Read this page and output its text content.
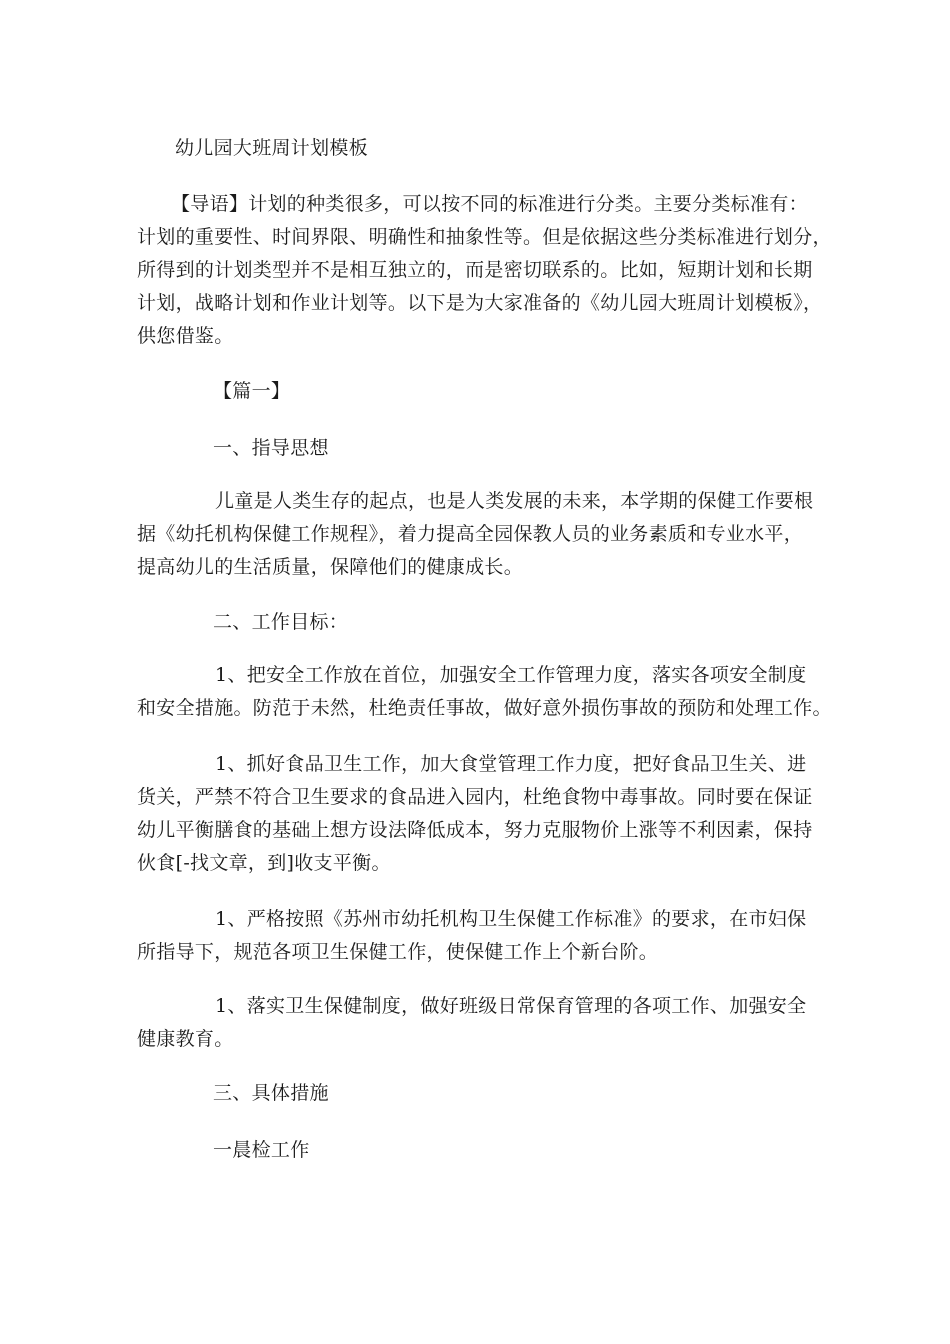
幼儿园大班周计划模板
【导语】计划的种类很多，可以按不同的标准进行分类。主要分类标准有：
计划的重要性、时间界限、明确性和抽象性等。但是依据这些分类标准进行划分，
所得到的计划类型并不是相互独立的，而是密切联系的。比如，短期计划和长期
计划，战略计划和作业计划等。以下是为大家准备的《幼儿园大班周计划模板》，
供您借鉴。
【篇一】
一、指导思想
儿童是人类生存的起点，也是人类发展的未来，本学期的保健工作要根
据《幼托机构保健工作规程》，着力提高全园保教人员的业务素质和专业水平，
提高幼儿的生活质量，保障他们的健康成长。
二、工作目标：
1、把安全工作放在首位，加强安全工作管理力度，落实各项安全制度
和安全措施。防范于未然，杜绝责任事故，做好意外损伤事故的预防和处理工作。
1、抓好食品卫生工作，加大食堂管理工作力度，把好食品卫生关、进
货关，严禁不符合卫生要求的食品进入园内，杜绝食物中毒事故。同时要在保证
幼儿平衡膳食的基础上想方设法降低成本，努力克服物价上涨等不利因素，保持
伙食[-找文章，到]收支平衡。
1、严格按照《苏州市幼托机构卫生保健工作标准》的要求，在市妇保
所指导下，规范各项卫生保健工作，使保健工作上个新台阶。
1、落实卫生保健制度，做好班级日常保育管理的各项工作、加强安全
健康教育。
三、具体措施
一晨检工作
